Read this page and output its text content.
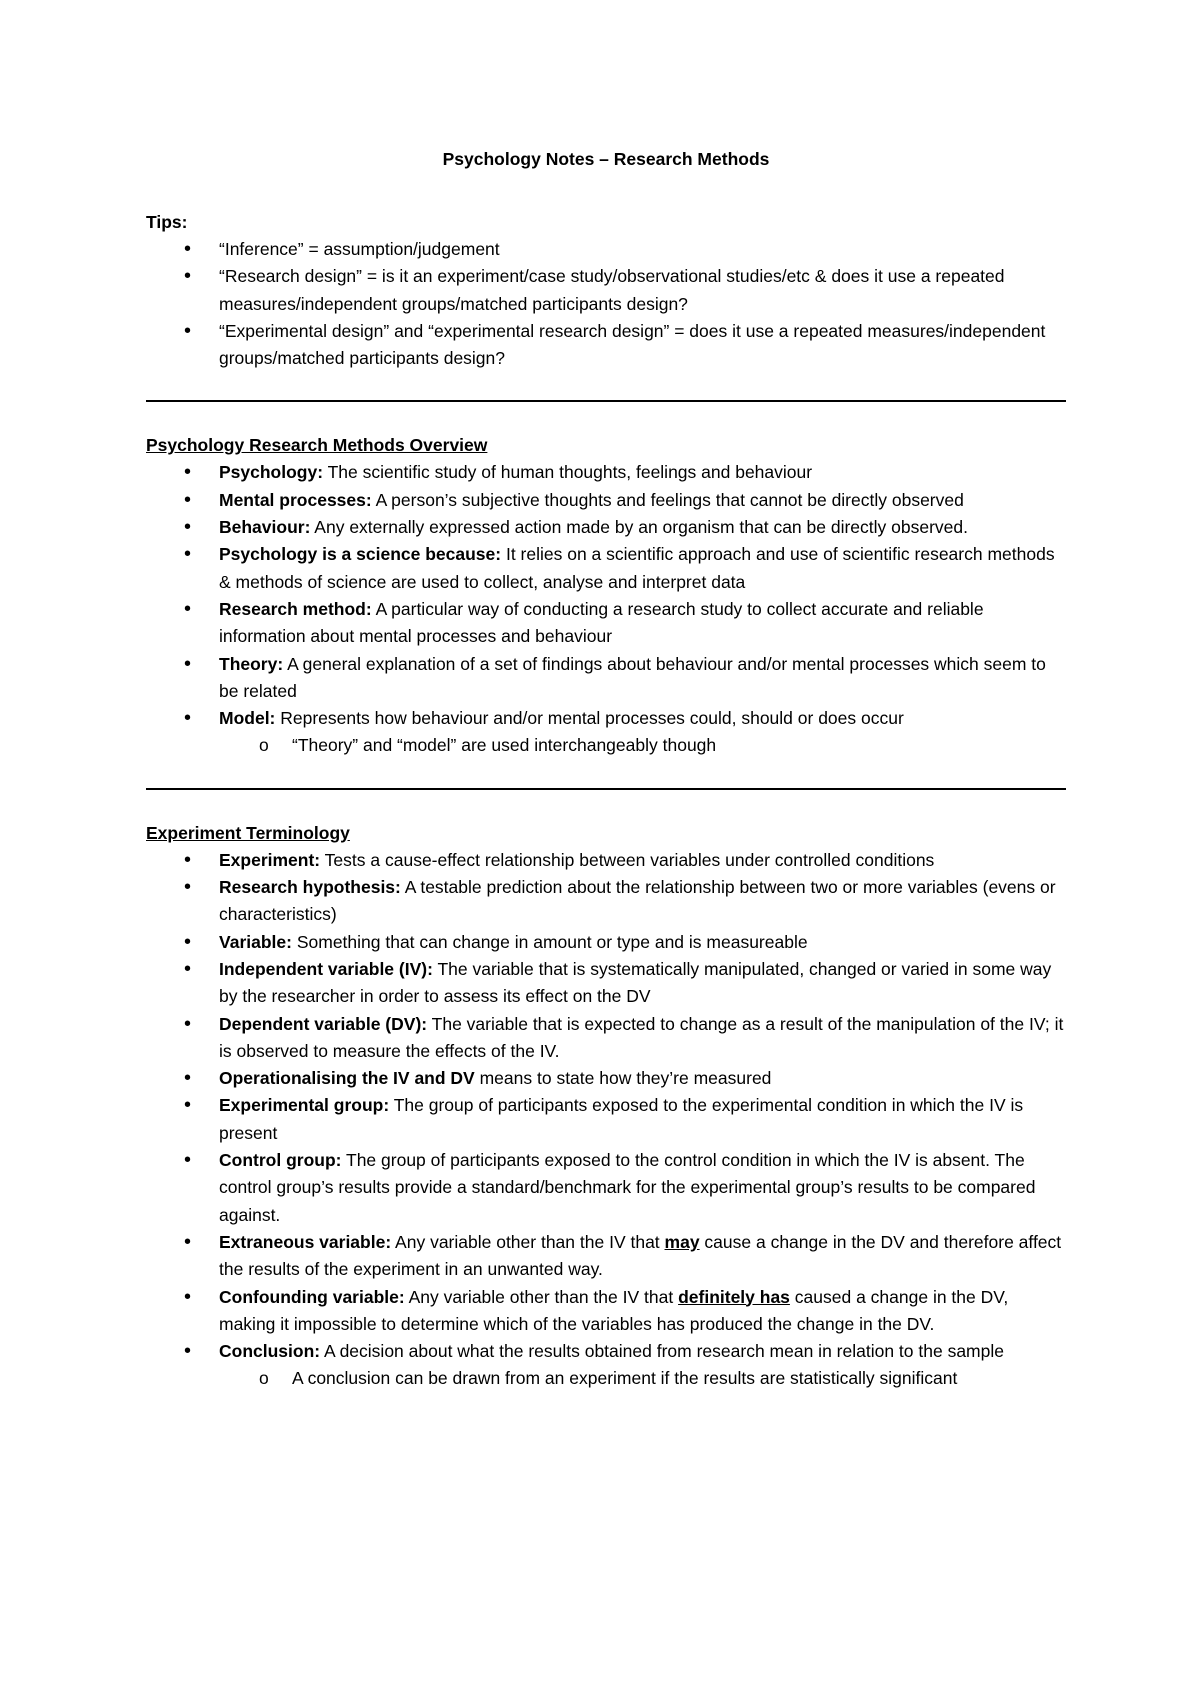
Psychology Notes – Research Methods

Tips:

• “Inference” = assumption/judgement
• “Research design” = is it an experiment/case study/observational studies/etc & does it use a repeated measures/independent groups/matched participants design?
• “Experimental design” and “experimental research design” = does it use a repeated measures/independent groups/matched participants design?

Psychology Research Methods Overview

• Psychology: The scientific study of human thoughts, feelings and behaviour
• Mental processes: A person’s subjective thoughts and feelings that cannot be directly observed
• Behaviour: Any externally expressed action made by an organism that can be directly observed.
• Psychology is a science because: It relies on a scientific approach and use of scientific research methods & methods of science are used to collect, analyse and interpret data
• Research method: A particular way of conducting a research study to collect accurate and reliable information about mental processes and behaviour
• Theory: A general explanation of a set of findings about behaviour and/or mental processes which seem to be related
• Model: Represents how behaviour and/or mental processes could, should or does occur
o “Theory” and “model” are used interchangeably though

Experiment Terminology

• Experiment: Tests a cause-effect relationship between variables under controlled conditions
• Research hypothesis: A testable prediction about the relationship between two or more variables (evens or characteristics)
• Variable: Something that can change in amount or type and is measureable
• Independent variable (IV): The variable that is systematically manipulated, changed or varied in some way by the researcher in order to assess its effect on the DV
• Dependent variable (DV): The variable that is expected to change as a result of the manipulation of the IV; it is observed to measure the effects of the IV.
• Operationalising the IV and DV means to state how they’re measured
• Experimental group: The group of participants exposed to the experimental condition in which the IV is present
• Control group: The group of participants exposed to the control condition in which the IV is absent. The control group’s results provide a standard/benchmark for the experimental group’s results to be compared against.
• Extraneous variable: Any variable other than the IV that may cause a change in the DV and therefore affect the results of the experiment in an unwanted way.
• Confounding variable: Any variable other than the IV that definitely has caused a change in the DV, making it impossible to determine which of the variables has produced the change in the DV.
• Conclusion: A decision about what the results obtained from research mean in relation to the sample
o A conclusion can be drawn from an experiment if the results are statistically significant
